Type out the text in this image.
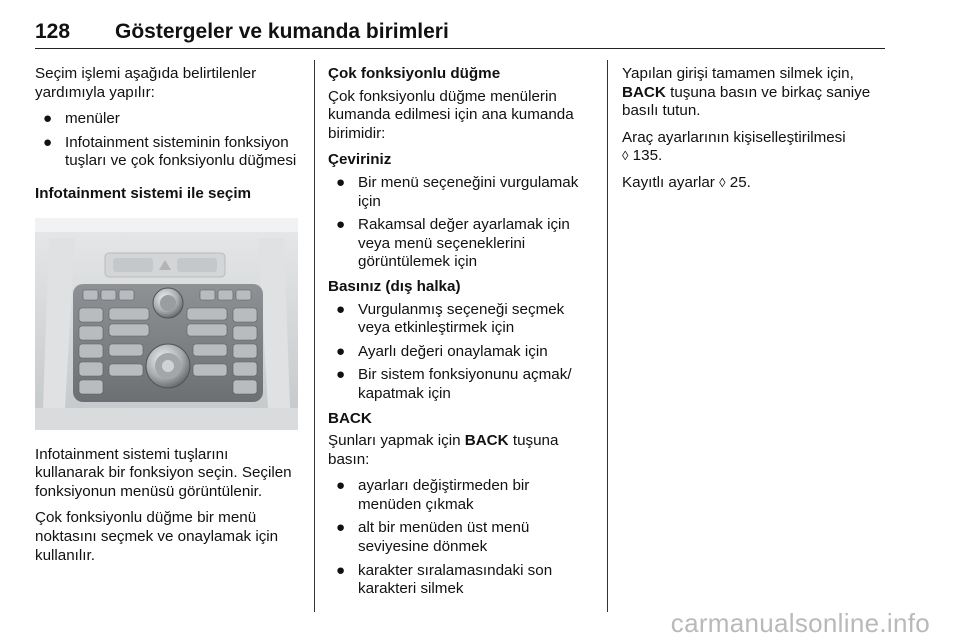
128 Göstergeler ve kumanda birimleri

Seçim işlemi aşağıda belirtilenler yardımıyla yapılır:

● menüler
● Infotainment sisteminin fonksiyon tuşları ve çok fonksiyonlu düğmesi

Infotainment sistemi ile seçim

Infotainment sistemi tuşlarını kullanarak bir fonksiyon seçin. Seçilen fonksiyonun menüsü görüntülenir.

Çok fonksiyonlu düğme bir menü noktasını seçmek ve onaylamak için kullanılır.

Çok fonksiyonlu düğme

Çok fonksiyonlu düğme menülerin kumanda edilmesi için ana kumanda birimidir:

Çeviriniz

● Bir menü seçeneğini vurgulamak için
● Rakamsal değer ayarlamak için veya menü seçeneklerini görüntülemek için

Basınız (dış halka)

● Vurgulanmış seçeneği seçmek veya etkinleştirmek için
● Ayarlı değeri onaylamak için
● Bir sistem fonksiyonunu açmak/ kapatmak için

BACK

Şunları yapmak için BACK tuşuna basın:

● ayarları değiştirmeden bir menüden çıkmak
● alt bir menüden üst menü seviyesine dönmek
● karakter sıralamasındaki son karakteri silmek

Yapılan girişi tamamen silmek için, BACK tuşuna basın ve birkaç saniye basılı tutun.

Araç ayarlarının kişiselleştirilmesi
◊ 135.

Kayıtlı ayarlar ◊ 25.

carmanualsonline.info
